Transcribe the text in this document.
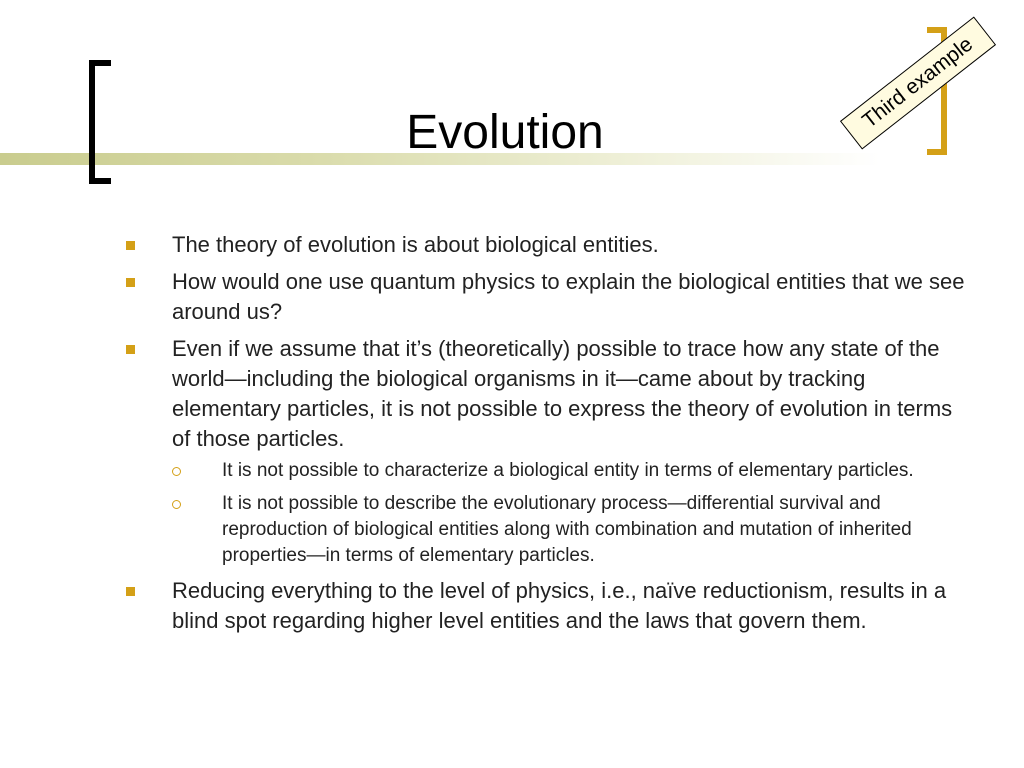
Evolution	Third example
The theory of evolution is about biological entities.
How would one use quantum physics to explain the biological entities that we see around us?
Even if we assume that it’s (theoretically) possible to trace how any state of the world—including the biological organisms in it—came about by tracking elementary particles, it is not possible to express the theory of evolution in terms of those particles.
It is not possible to characterize a biological entity in terms of elementary particles.
It is not possible to describe the evolutionary process—differential survival and reproduction of biological entities along with combination and mutation of inherited properties—in terms of elementary particles.
Reducing everything to the level of physics, i.e., naïve reductionism, results in a blind spot regarding higher level entities and the laws that govern them.
